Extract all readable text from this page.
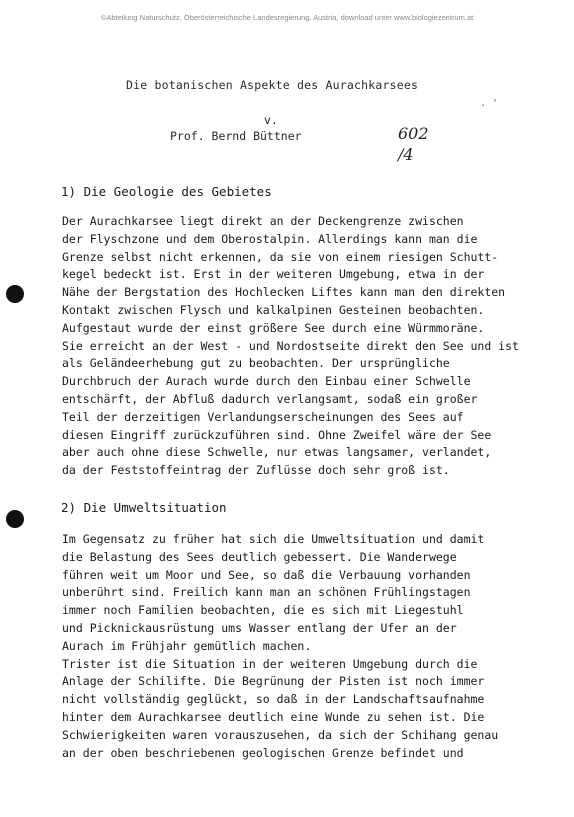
©Abteilung Naturschutz, Oberösterreichische Landesregierung, Austria, download unter www.biologiezentrum.at
Die botanischen Aspekte des Aurachkarsees
. '
v.
Prof. Bernd Büttner	602
/4
1) Die Geologie des Gebietes
Der Aurachkarsee liegt direkt an der Deckengrenze zwischen
der Flyschzone und dem Oberostalpin. Allerdings kann man die
Grenze selbst nicht erkennen, da sie von einem riesigen Schutt-
kegel bedeckt ist. Erst in der weiteren Umgebung, etwa in der
Nähe der Bergstation des Hochlecken Liftes kann man den direkten
Kontakt zwischen Flysch und kalkalpinen Gesteinen beobachten.
Aufgestaut wurde der einst größere See durch eine Würmmoräne.
Sie erreicht an der West - und Nordostseite direkt den See und ist
als Geländeerhebung gut zu beobachten. Der ursprüngliche
Durchbruch der Aurach wurde durch den Einbau einer Schwelle
entschärft, der Abfluß dadurch verlangsamt, sodaß ein großer
Teil der derzeitigen Verlandungserscheinungen des Sees auf
diesen Eingriff zurückzuführen sind. Ohne Zweifel wäre der See
aber auch ohne diese Schwelle, nur etwas langsamer, verlandet,
da der Feststoffeintrag der Zuflüsse doch sehr groß ist.
2) Die Umweltsituation
Im Gegensatz zu früher hat sich die Umweltsituation und damit
die Belastung des Sees deutlich gebessert. Die Wanderwege
führen weit um Moor und See, so daß die Verbauung vorhanden
unberührt sind. Freilich kann man an schönen Frühlingstagen
immer noch Familien beobachten, die es sich mit Liegestuhl
und Picknickausrüstung ums Wasser entlang der Ufer an der
Aurach im Frühjahr gemütlich machen.
Trister ist die Situation in der weiteren Umgebung durch die
Anlage der Schilifte. Die Begrünung der Pisten ist noch immer
nicht vollständig geglückt, so daß in der Landschaftsaufnahme
hinter dem Aurachkarsee deutlich eine Wunde zu sehen ist. Die
Schwierigkeiten waren vorauszusehen, da sich der Schihang genau
an der oben beschriebenen geologischen Grenze befindet und
